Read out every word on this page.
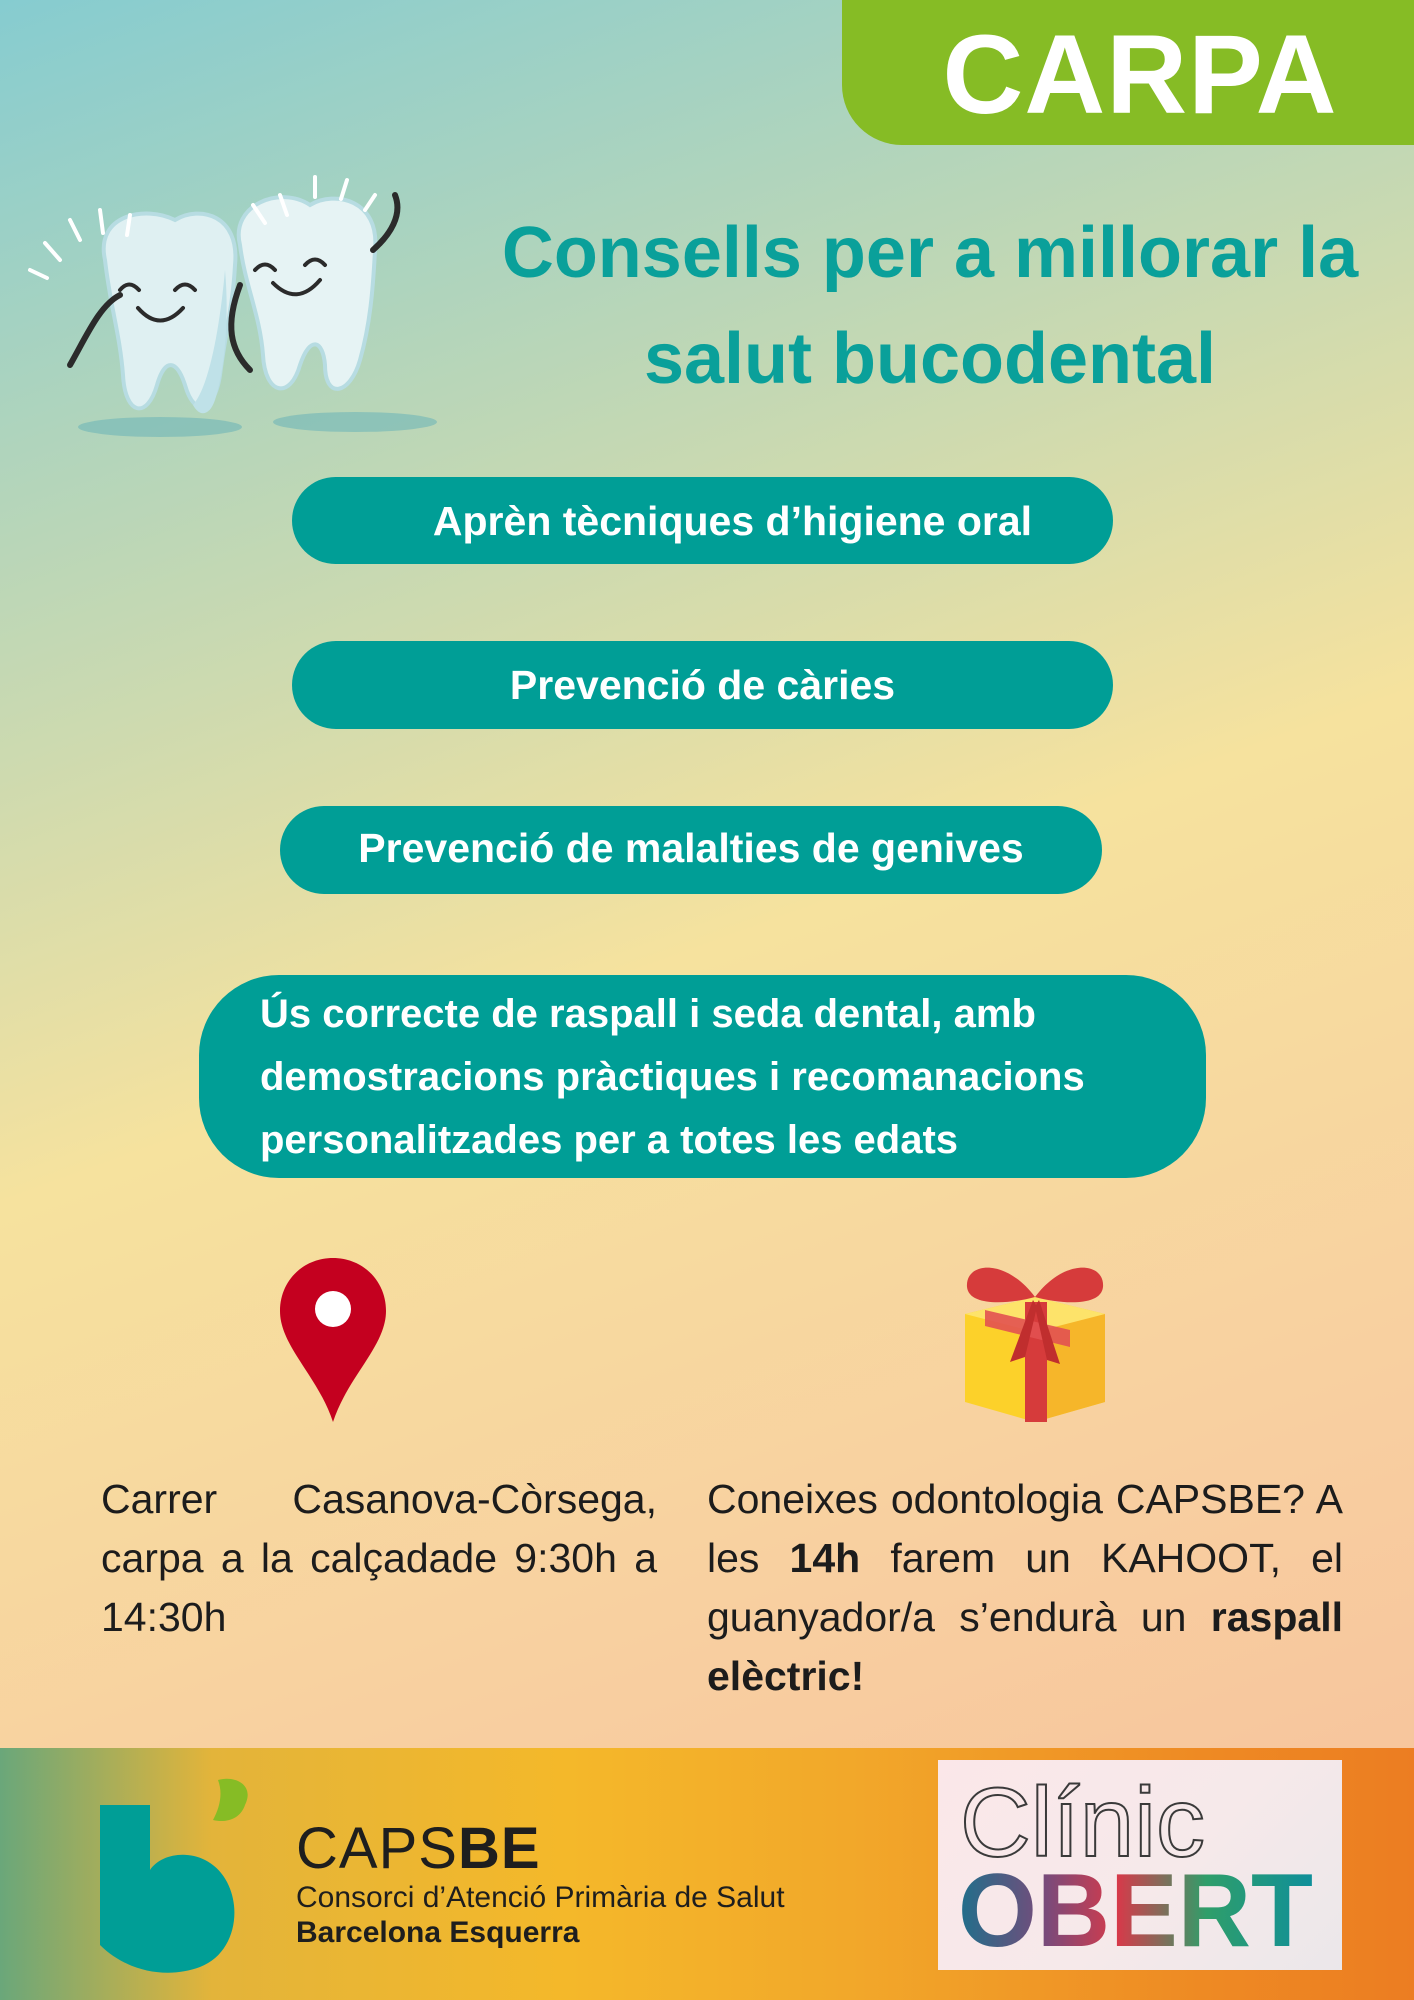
CARPA
Consells per a millorar la
salut bucodental
Aprèn tècniques d’higiene oral
Prevenció de càries
Prevenció de malalties de genives
Ús correcte de raspall i seda dental, amb
demostracions pràctiques i recomanacions
personalitzades per a totes les edats
Carrer Casanova-Còrsega, carpa a la calçadade 9:30h a 14:30h
Coneixes odontologia CAPSBE? A les 14h farem un KAHOOT, el guanyador/a s’endurà un raspall elèctric!
CAPSBE
Consorci d’Atenció Primària de Salut
Barcelona Esquerra
Clínic
OBERT
